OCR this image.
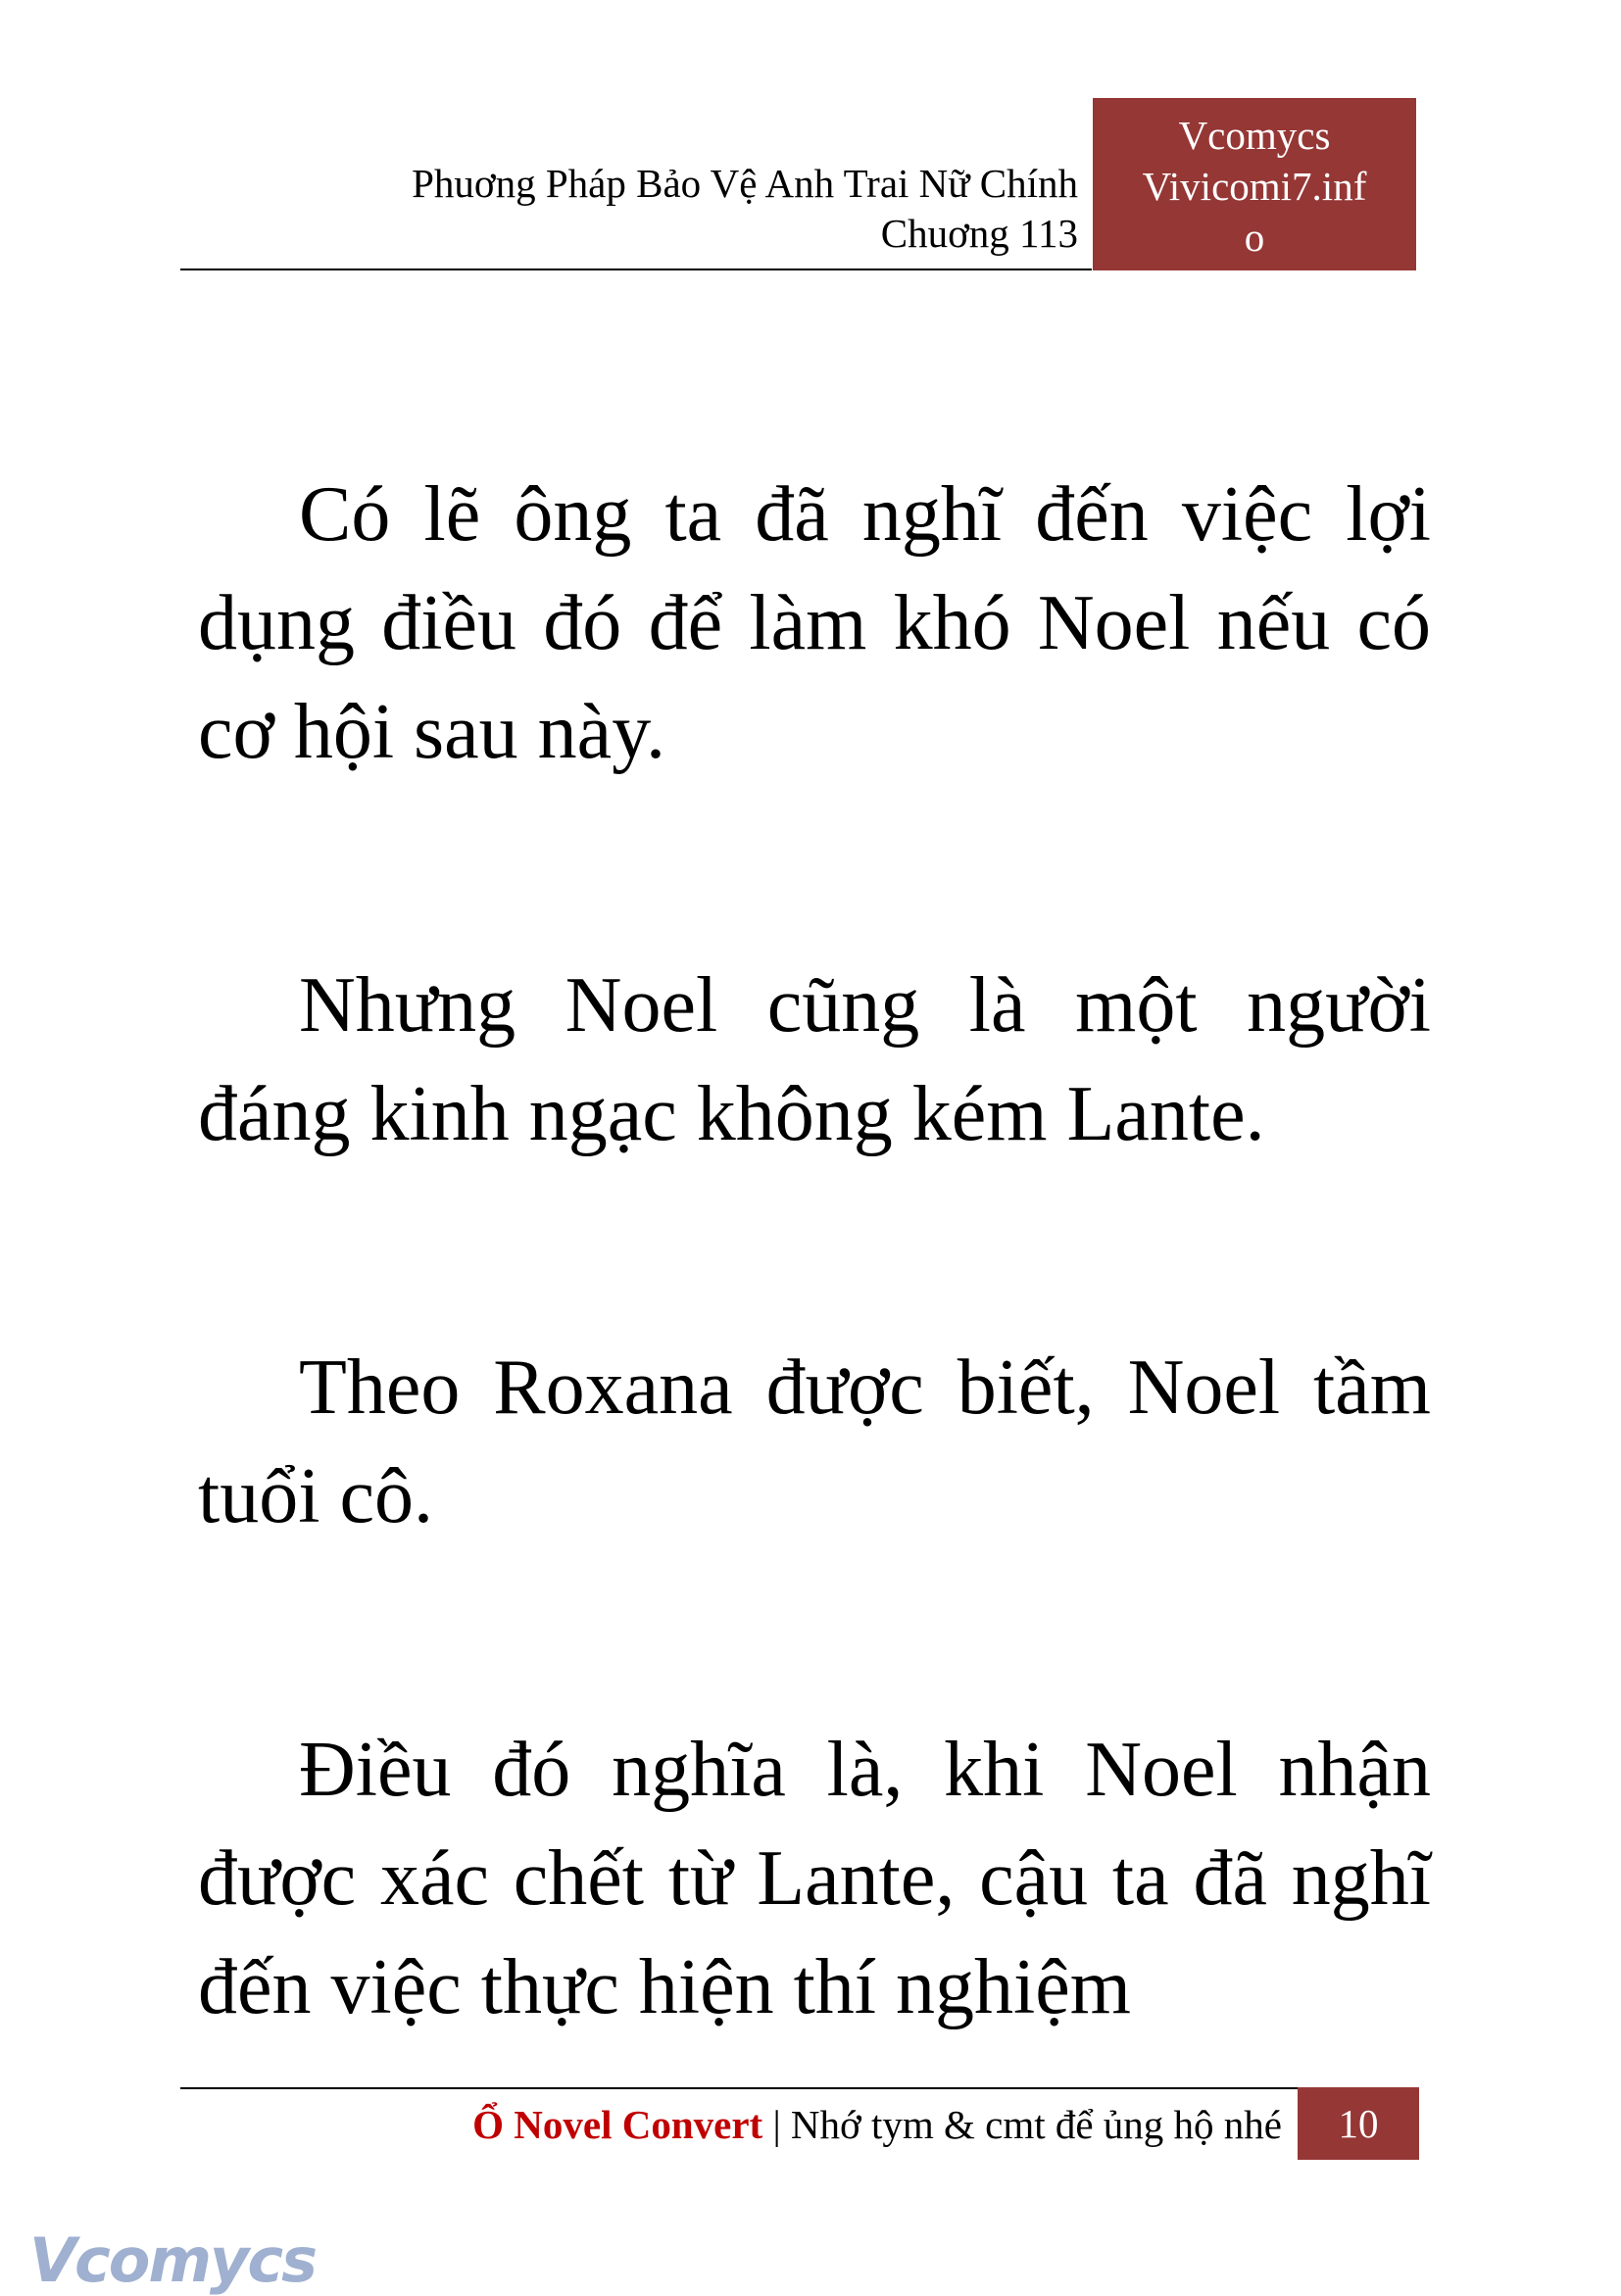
Phuơng Pháp Bảo Vệ Anh Trai Nữ Chính
Chuơng 113
Vcomycs
Vivicomi7.inf
o

Có lẽ ông ta đã nghĩ đến việc lợi dụng điều đó để làm khó Noel nếu có cơ hội sau này.

Nhưng Noel cũng là một người đáng kinh ngạc không kém Lante.

Theo Roxana được biết, Noel tầm tuổi cô.

Điều đó nghĩa là, khi Noel nhận được xác chết từ Lante, cậu ta đã nghĩ đến việc thực hiện thí nghiệm

Ổ Novel Convert | Nhớ tym & cmt để ủng hộ nhé	10
Vcomycs
